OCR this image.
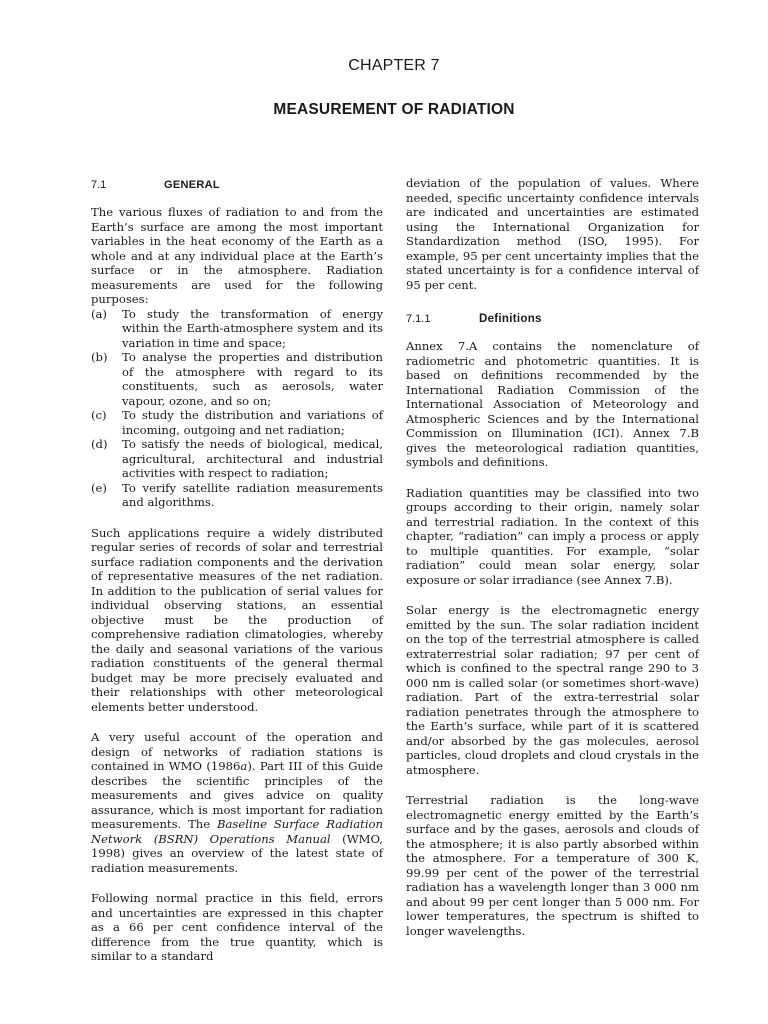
CHAPTER 7
MEASUREMENT OF RADIATION
7.1	GENERAL

The various fluxes of radiation to and from the Earth’s surface are among the most important variables in the heat economy of the Earth as a whole and at any individual place at the Earth’s surface or in the atmosphere. Radiation measurements are used for the following purposes:

(a) To study the transformation of energy within the Earth-atmosphere system and its variation in time and space;
(b) To analyse the properties and distribution of the atmosphere with regard to its constituents, such as aerosols, water vapour, ozone, and so on;
(c) To study the distribution and variations of incoming, outgoing and net radiation;
(d) To satisfy the needs of biological, medical, agricultural, architectural and industrial activities with respect to radiation;
(e) To verify satellite radiation measurements and algorithms.

Such applications require a widely distributed regular series of records of solar and terrestrial surface radiation components and the derivation of representative measures of the net radiation. In addition to the publication of serial values for individual observing stations, an essential objective must be the production of comprehensive radiation climatologies, whereby the daily and seasonal variations of the various radiation constituents of the general thermal budget may be more precisely evaluated and their relationships with other meteorological elements better understood.

A very useful account of the operation and design of networks of radiation stations is contained in WMO (1986a). Part III of this Guide describes the scientific principles of the measurements and gives advice on quality assurance, which is most important for radiation measurements. The Baseline Surface Radiation Network (BSRN) Operations Manual (WMO, 1998) gives an overview of the latest state of radiation measurements.

Following normal practice in this field, errors and uncertainties are expressed in this chapter as a 66 per cent confidence interval of the difference from the true quantity, which is similar to a standard

deviation of the population of values. Where needed, specific uncertainty confidence intervals are indicated and uncertainties are estimated using the International Organization for Standardization method (ISO, 1995). For example, 95 per cent uncertainty implies that the stated uncertainty is for a confidence interval of 95 per cent.

7.1.1	Definitions

Annex 7.A contains the nomenclature of radiometric and photometric quantities. It is based on definitions recommended by the International Radiation Commission of the International Association of Meteorology and Atmospheric Sciences and by the International Commission on Illumination (ICI). Annex 7.B gives the meteorological radiation quantities, symbols and definitions.

Radiation quantities may be classified into two groups according to their origin, namely solar and terrestrial radiation. In the context of this chapter, “radiation” can imply a process or apply to multiple quantities. For example, “solar radiation” could mean solar energy, solar exposure or solar irradiance (see Annex 7.B).

Solar energy is the electromagnetic energy emitted by the sun. The solar radiation incident on the top of the terrestrial atmosphere is called extraterrestrial solar radiation; 97 per cent of which is confined to the spectral range 290 to 3 000 nm is called solar (or sometimes short-wave) radiation. Part of the extra-terrestrial solar radiation penetrates through the atmosphere to the Earth’s surface, while part of it is scattered and/or absorbed by the gas molecules, aerosol particles, cloud droplets and cloud crystals in the atmosphere.

Terrestrial radiation is the long-wave electromagnetic energy emitted by the Earth’s surface and by the gases, aerosols and clouds of the atmosphere; it is also partly absorbed within the atmosphere. For a temperature of 300 K, 99.99 per cent of the power of the terrestrial radiation has a wavelength longer than 3 000 nm and about 99 per cent longer than 5 000 nm. For lower temperatures, the spectrum is shifted to longer wavelengths.
